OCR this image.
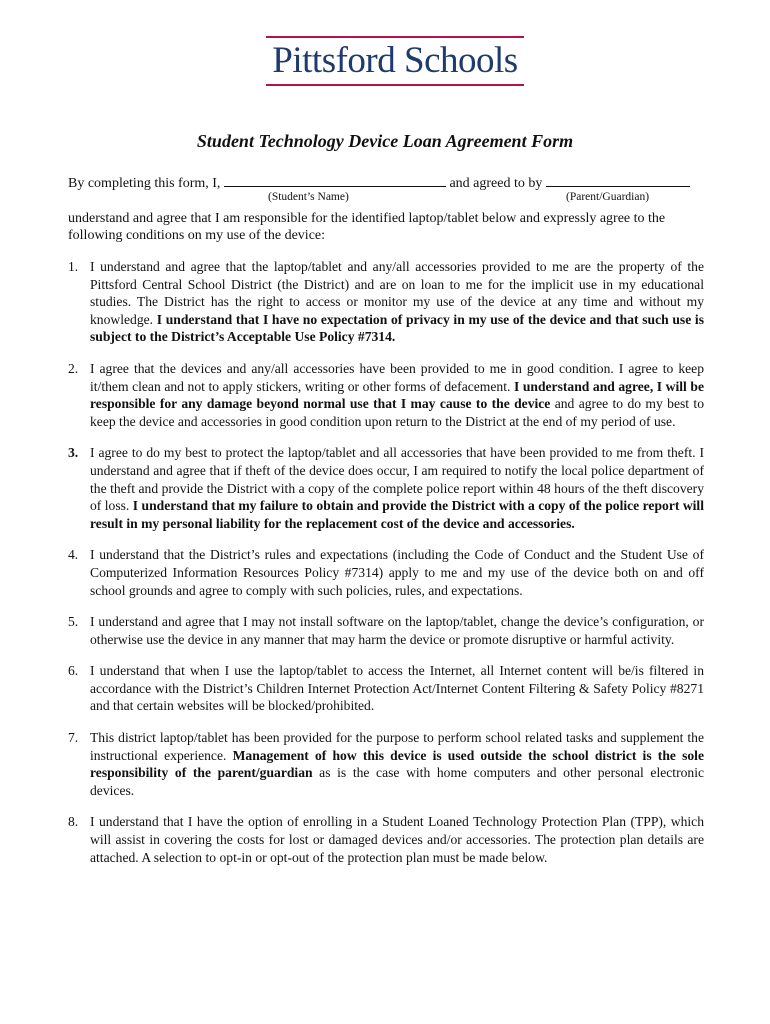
Pittsford Schools
Student Technology Device Loan Agreement Form
By completing this form, I,	and agreed to by
(Student’s Name)	(Parent/Guardian)
understand and agree that I am responsible for the identified laptop/tablet below and expressly agree to the following conditions on my use of the device:
1. I understand and agree that the laptop/tablet and any/all accessories provided to me are the property of the Pittsford Central School District (the District) and are on loan to me for the implicit use in my educational studies. The District has the right to access or monitor my use of the device at any time and without my knowledge. I understand that I have no expectation of privacy in my use of the device and that such use is subject to the District’s Acceptable Use Policy #7314.
2. I agree that the devices and any/all accessories have been provided to me in good condition. I agree to keep it/them clean and not to apply stickers, writing or other forms of defacement. I understand and agree, I will be responsible for any damage beyond normal use that I may cause to the device and agree to do my best to keep the device and accessories in good condition upon return to the District at the end of my period of use.
3. I agree to do my best to protect the laptop/tablet and all accessories that have been provided to me from theft. I understand and agree that if theft of the device does occur, I am required to notify the local police department of the theft and provide the District with a copy of the complete police report within 48 hours of the theft discovery of loss. I understand that my failure to obtain and provide the District with a copy of the police report will result in my personal liability for the replacement cost of the device and accessories.
4. I understand that the District’s rules and expectations (including the Code of Conduct and the Student Use of Computerized Information Resources Policy #7314) apply to me and my use of the device both on and off school grounds and agree to comply with such policies, rules, and expectations.
5. I understand and agree that I may not install software on the laptop/tablet, change the device’s configuration, or otherwise use the device in any manner that may harm the device or promote disruptive or harmful activity.
6. I understand that when I use the laptop/tablet to access the Internet, all Internet content will be/is filtered in accordance with the District’s Children Internet Protection Act/Internet Content Filtering & Safety Policy #8271 and that certain websites will be blocked/prohibited.
7. This district laptop/tablet has been provided for the purpose to perform school related tasks and supplement the instructional experience. Management of how this device is used outside the school district is the sole responsibility of the parent/guardian as is the case with home computers and other personal electronic devices.
8. I understand that I have the option of enrolling in a Student Loaned Technology Protection Plan (TPP), which will assist in covering the costs for lost or damaged devices and/or accessories. The protection plan details are attached. A selection to opt-in or opt-out of the protection plan must be made below.
